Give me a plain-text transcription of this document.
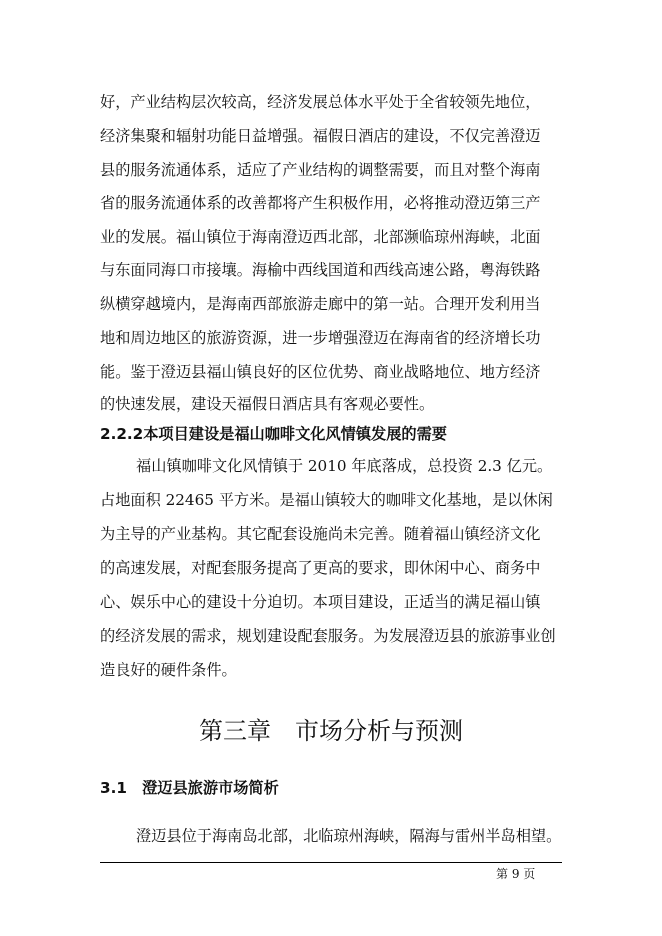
好，产业结构层次较高，经济发展总体水平处于全省较领先地位，
经济集聚和辐射功能日益增强。福假日酒店的建设，不仅完善澄迈
县的服务流通体系，适应了产业结构的调整需要，而且对整个海南
省的服务流通体系的改善都将产生积极作用，必将推动澄迈第三产
业的发展。福山镇位于海南澄迈西北部，北部濒临琼州海峡，北面
与东面同海口市接壤。海榆中西线国道和西线高速公路，粤海铁路
纵横穿越境内，是海南西部旅游走廊中的第一站。合理开发利用当
地和周边地区的旅游资源，进一步增强澄迈在海南省的经济增长功
能。鉴于澄迈县福山镇良好的区位优势、商业战略地位、地方经济
的快速发展，建设天福假日酒店具有客观必要性。
2.2.2本项目建设是福山咖啡文化风情镇发展的需要
福山镇咖啡文化风情镇于 2010 年底落成，总投资 2.3 亿元。
占地面积 22465 平方米。是福山镇较大的咖啡文化基地，是以休闲
为主导的产业基构。其它配套设施尚未完善。随着福山镇经济文化
的高速发展，对配套服务提高了更高的要求，即休闲中心、商务中
心、娱乐中心的建设十分迫切。本项目建设，正适当的满足福山镇
的经济发展的需求，规划建设配套服务。为发展澄迈县的旅游事业创
造良好的硬件条件。
第三章　市场分析与预测
3.1　澄迈县旅游市场简析
澄迈县位于海南岛北部，北临琼州海峡，隔海与雷州半岛相望。
第 9 页
